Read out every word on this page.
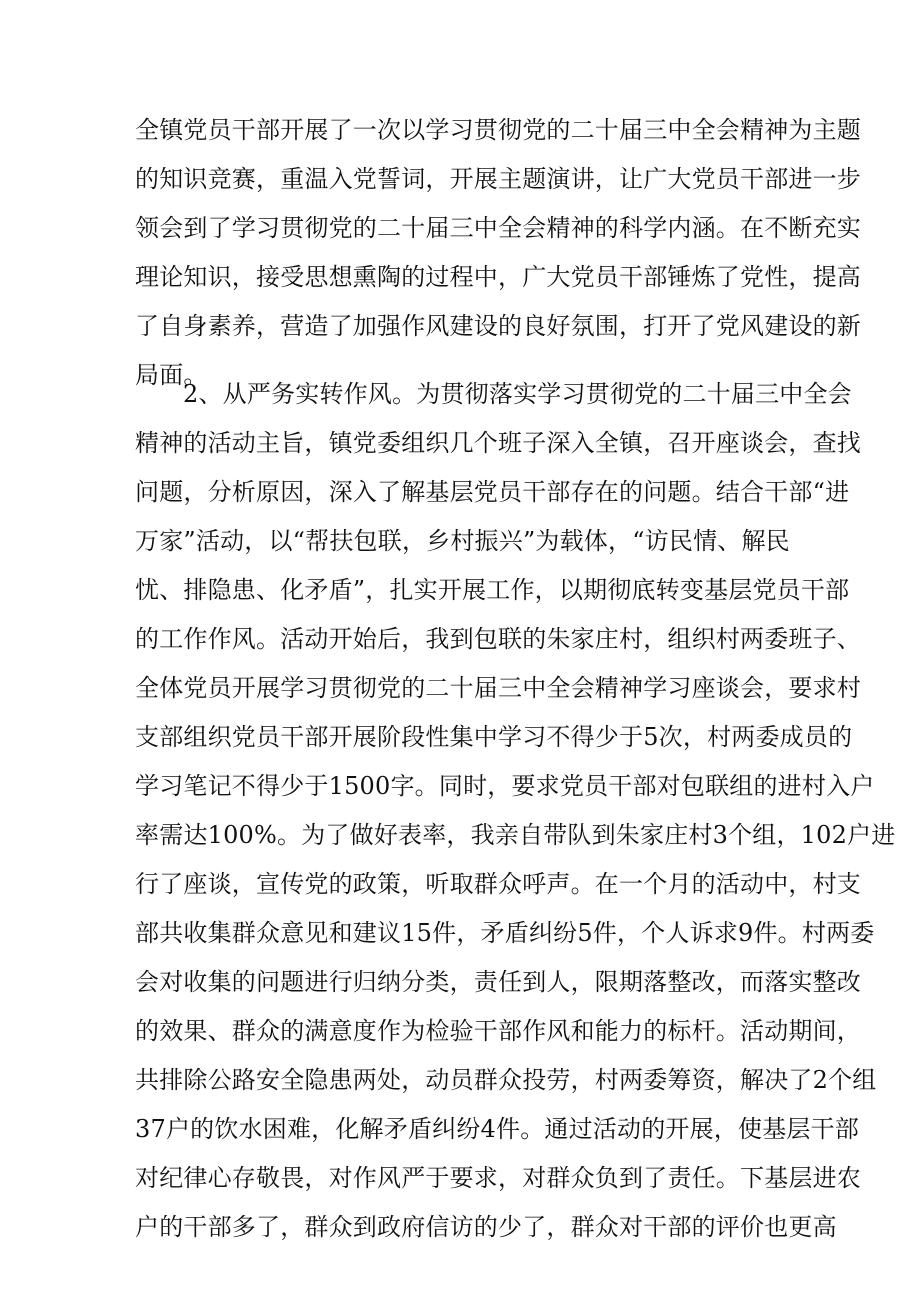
全镇党员干部开展了一次以学习贯彻党的二十届三中全会精神为主题
的知识竞赛，重温入党誓词，开展主题演讲，让广大党员干部进一步
领会到了学习贯彻党的二十届三中全会精神的科学内涵。在不断充实
理论知识，接受思想熏陶的过程中，广大党员干部锤炼了党性，提高
了自身素养，营造了加强作风建设的良好氛围，打开了党风建设的新
局面。
2、从严务实转作风。为贯彻落实学习贯彻党的二十届三中全会
精神的活动主旨，镇党委组织几个班子深入全镇，召开座谈会，查找
问题，分析原因，深入了解基层党员干部存在的问题。结合干部“进
万家”活动，以“帮扶包联，乡村振兴”为载体，“访民情、解民
忧、排隐患、化矛盾”，扎实开展工作，以期彻底转变基层党员干部
的工作作风。活动开始后，我到包联的朱家庄村，组织村两委班子、
全体党员开展学习贯彻党的二十届三中全会精神学习座谈会，要求村
支部组织党员干部开展阶段性集中学习不得少于5次，村两委成员的
学习笔记不得少于1500字。同时，要求党员干部对包联组的进村入户
率需达100%。为了做好表率，我亲自带队到朱家庄村3个组，102户进
行了座谈，宣传党的政策，听取群众呼声。在一个月的活动中，村支
部共收集群众意见和建议15件，矛盾纠纷5件，个人诉求9件。村两委
会对收集的问题进行归纳分类，责任到人，限期落整改，而落实整改
的效果、群众的满意度作为检验干部作风和能力的标杆。活动期间，
共排除公路安全隐患两处，动员群众投劳，村两委筹资，解决了2个组
37户的饮水困难，化解矛盾纠纷4件。通过活动的开展，使基层干部
对纪律心存敬畏，对作风严于要求，对群众负到了责任。下基层进农
户的干部多了，群众到政府信访的少了，群众对干部的评价也更高
